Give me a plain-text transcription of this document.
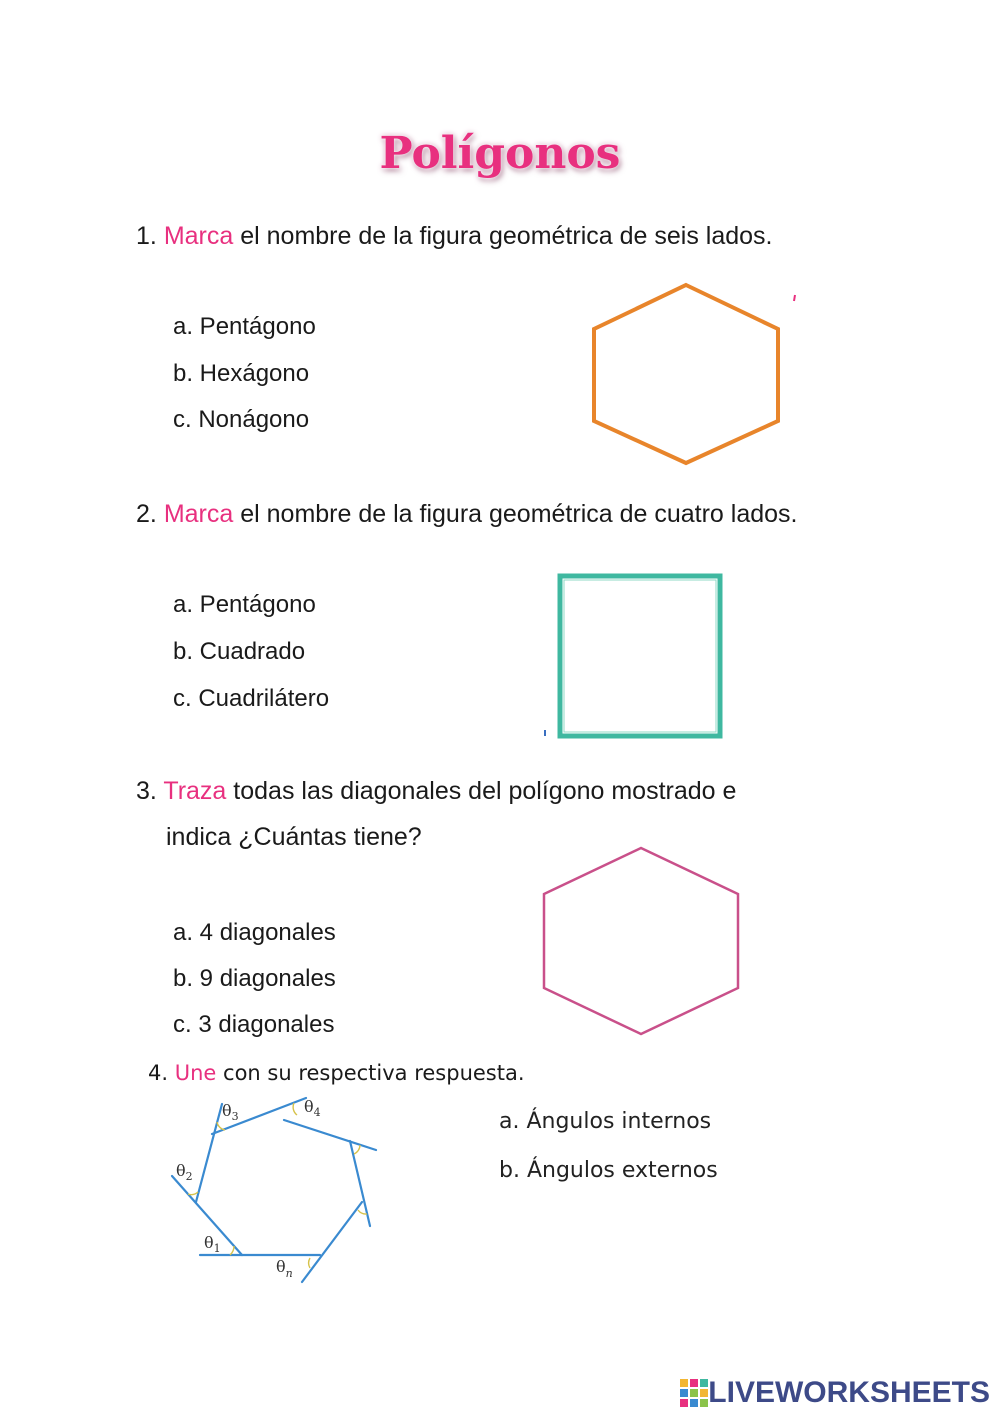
Polígonos
1. Marca el nombre de la figura geométrica de seis lados.
a. Pentágono
b. Hexágono
c. Nonágono
2. Marca el nombre de la figura geométrica de cuatro lados.
a. Pentágono
b. Cuadrado
c. Cuadrilátero
3. Traza todas las diagonales del polígono mostrado e
indica ¿Cuántas tiene?
a. 4 diagonales
b. 9 diagonales
c. 3 diagonales
4. Une con su respectiva respuesta.
a. Ángulos internos
b. Ángulos externos
$\theta_1$
$\theta_2$
$\theta_3$
$\theta_4$
$\theta_n$
LIVEWORKSHEETS
